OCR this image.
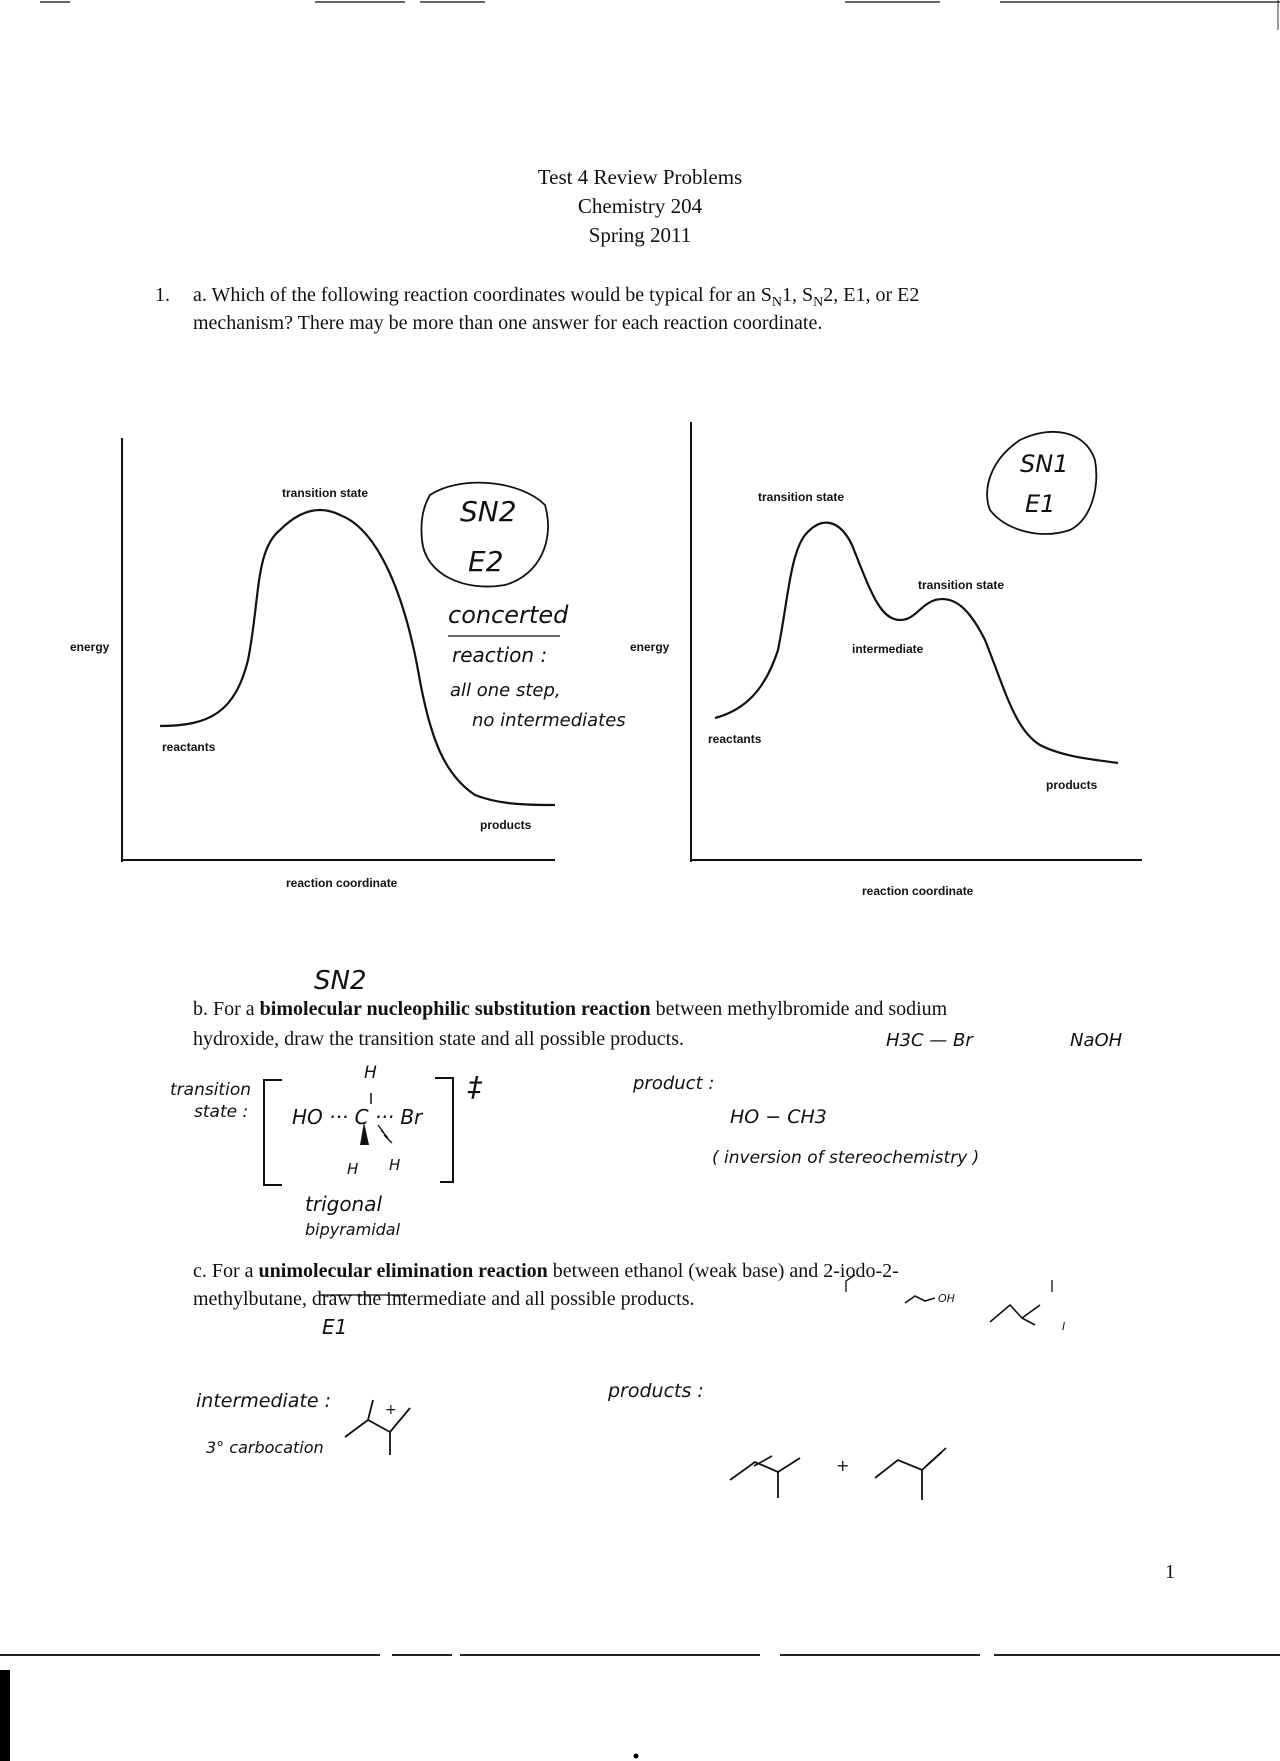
Test 4 Review Problems
Chemistry 204
Spring 2011
1. a. Which of the following reaction coordinates would be typical for an $S_N1$, $S_N2$, E1, or E2
mechanism? There may be more than one answer for each reaction coordinate.
transition state
energy
reactants
products
reaction coordinate
SN2
E2
concerted
reaction :
all one step,
no intermediates
transition state
transition state
intermediate
energy
reactants
products
reaction coordinate
SN1
E1
SN2
b. For a bimolecular nucleophilic substitution reaction between methylbromide and sodium
hydroxide, draw the transition state and all possible products.	H3C — Br	NaOH
transition
state :
H
HO ··· C ··· Br
H H
‡
trigonal
bipyramidal
product :
HO − CH3
( inversion of stereochemistry )
c. For a unimolecular elimination reaction between ethanol (weak base) and 2-iodo-2-
methylbutane, draw the intermediate and all possible products.	OH
I
E1
intermediate :
3° carbocation
+
products :
+
1
